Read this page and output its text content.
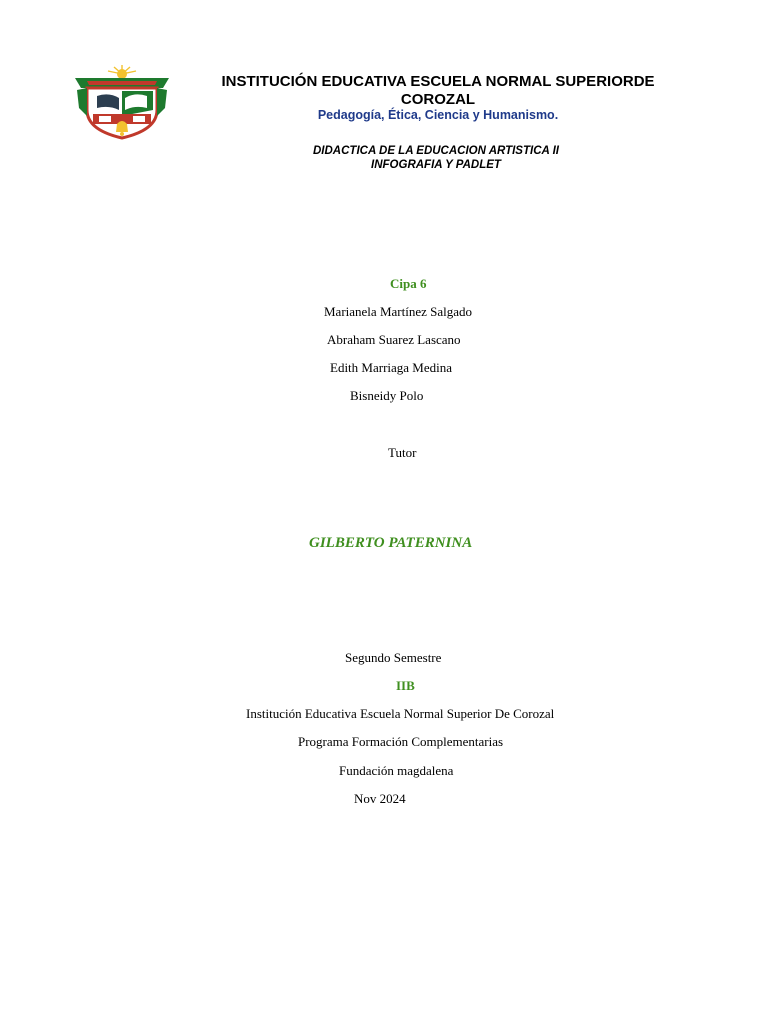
INSTITUCIÓN EDUCATIVA ESCUELA NORMAL SUPERIORDE
COROZAL
Pedagogía, Ética, Ciencia y Humanismo.
DIDACTICA DE LA EDUCACION ARTISTICA II
INFOGRAFIA Y PADLET
Cipa 6
Marianela Martínez Salgado
Abraham Suarez Lascano
Edith Marriaga Medina
Bisneidy Polo
Tutor
GILBERTO PATERNINA
Segundo Semestre
IIB
Institución Educativa Escuela Normal Superior De Corozal
Programa Formación Complementarias
Fundación magdalena
Nov 2024
